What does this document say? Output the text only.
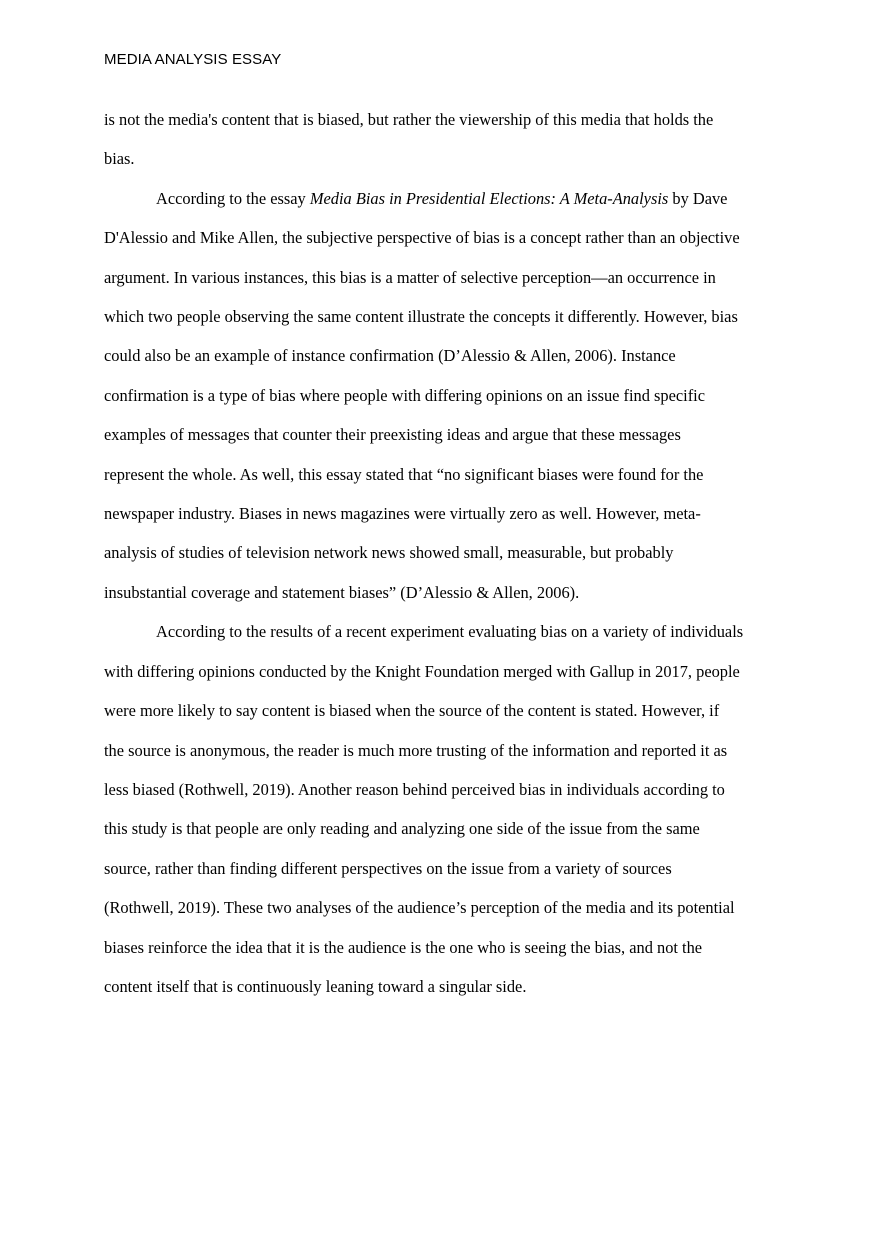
MEDIA ANALYSIS ESSAY
is not the media's content that is biased, but rather the viewership of this media that holds the
bias.
According to the essay Media Bias in Presidential Elections: A Meta-Analysis by Dave
D'Alessio and Mike Allen, the subjective perspective of bias is a concept rather than an objective
argument. In various instances, this bias is a matter of selective perception—an occurrence in
which two people observing the same content illustrate the concepts it differently. However, bias
could also be an example of instance confirmation (D’Alessio & Allen, 2006). Instance
confirmation is a type of bias where people with differing opinions on an issue find specific
examples of messages that counter their preexisting ideas and argue that these messages
represent the whole. As well, this essay stated that “no significant biases were found for the
newspaper industry. Biases in news magazines were virtually zero as well. However, meta-
analysis of studies of television network news showed small, measurable, but probably
insubstantial coverage and statement biases” (D’Alessio & Allen, 2006).
According to the results of a recent experiment evaluating bias on a variety of individuals
with differing opinions conducted by the Knight Foundation merged with Gallup in 2017, people
were more likely to say content is biased when the source of the content is stated. However, if
the source is anonymous, the reader is much more trusting of the information and reported it as
less biased (Rothwell, 2019). Another reason behind perceived bias in individuals according to
this study is that people are only reading and analyzing one side of the issue from the same
source, rather than finding different perspectives on the issue from a variety of sources
(Rothwell, 2019). These two analyses of the audience’s perception of the media and its potential
biases reinforce the idea that it is the audience is the one who is seeing the bias, and not the
content itself that is continuously leaning toward a singular side.
